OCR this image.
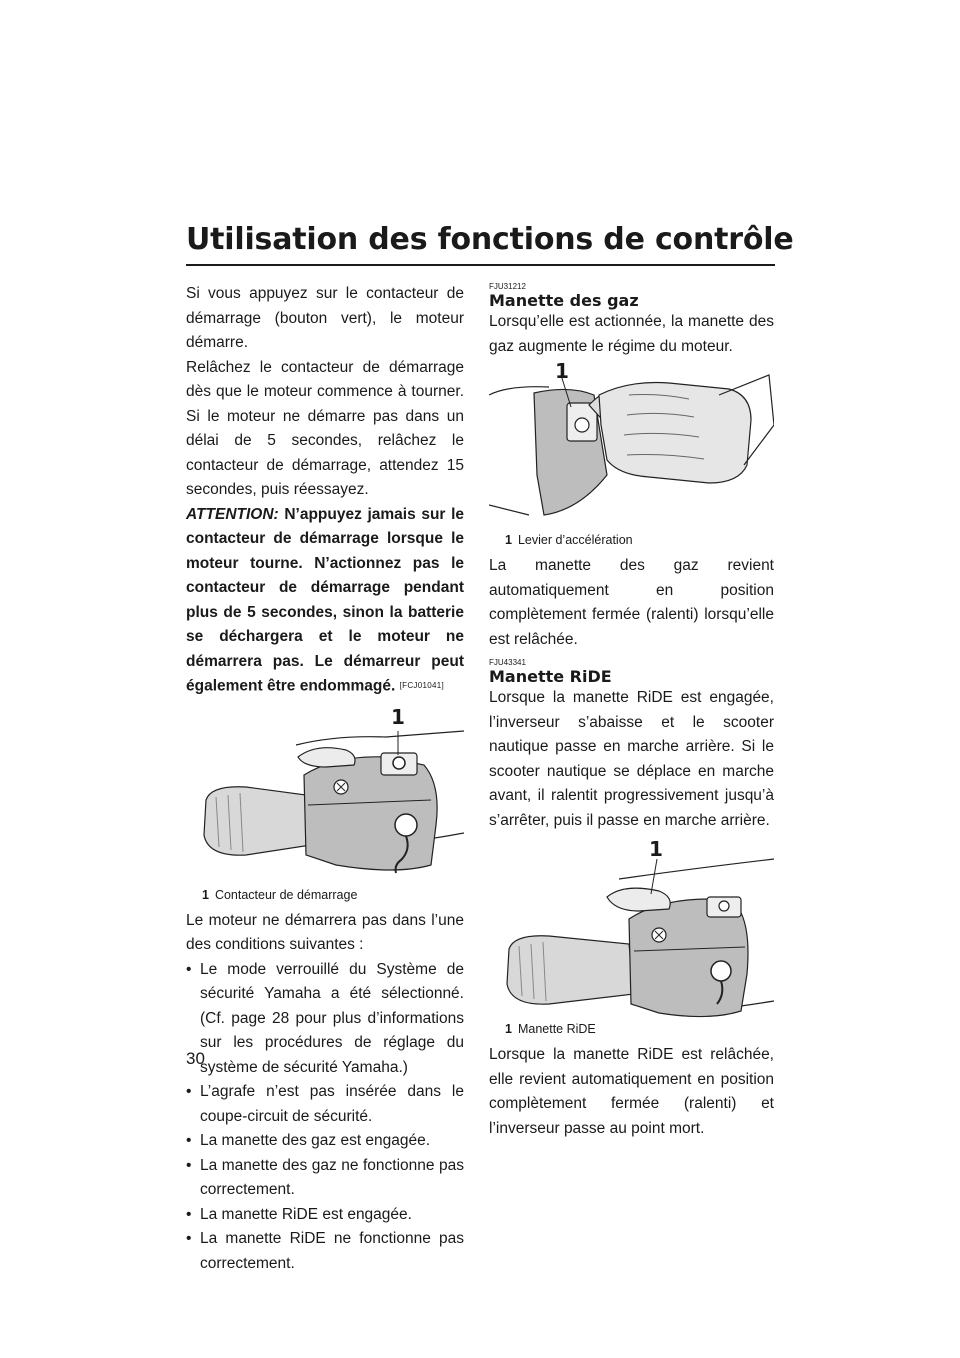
Utilisation des fonctions de contrôle

Si vous appuyez sur le contacteur de démarrage (bouton vert), le moteur démarre.

Relâchez le contacteur de démarrage dès que le moteur commence à tourner. Si le moteur ne démarre pas dans un délai de 5 secondes, relâchez le contacteur de démarrage, attendez 15 secondes, puis réessayez.

ATTENTION: N’appuyez jamais sur le contacteur de démarrage lorsque le moteur tourne. N’actionnez pas le contacteur de démarrage pendant plus de 5 secondes, sinon la batterie se déchargera et le moteur ne démarrera pas. Le démarreur peut également être endommagé. [FCJ01041]

1
1 Contacteur de démarrage

Le moteur ne démarrera pas dans l’une des conditions suivantes :

• Le mode verrouillé du Système de sécurité Yamaha a été sélectionné. (Cf. page 28 pour plus d’informations sur les procédures de réglage du système de sécurité Yamaha.)
• L’agrafe n’est pas insérée dans le coupe-circuit de sécurité.
• La manette des gaz est engagée.
• La manette des gaz ne fonctionne pas correctement.
• La manette RiDE est engagée.
• La manette RiDE ne fonctionne pas correctement.
FJU31212
Manette des gaz

Lorsqu’elle est actionnée, la manette des gaz augmente le régime du moteur.

1
1 Levier d’accélération

La manette des gaz revient automatiquement en position complètement fermée (ralenti) lorsqu’elle est relâchée.

FJU43341
Manette RiDE

Lorsque la manette RiDE est engagée, l’inverseur s’abaisse et le scooter nautique passe en marche arrière. Si le scooter nautique se déplace en marche avant, il ralentit progressivement jusqu’à s’arrêter, puis il passe en marche arrière.

1
1 Manette RiDE

Lorsque la manette RiDE est relâchée, elle revient automatiquement en position complètement fermée (ralenti) et l’inverseur passe au point mort.

30
